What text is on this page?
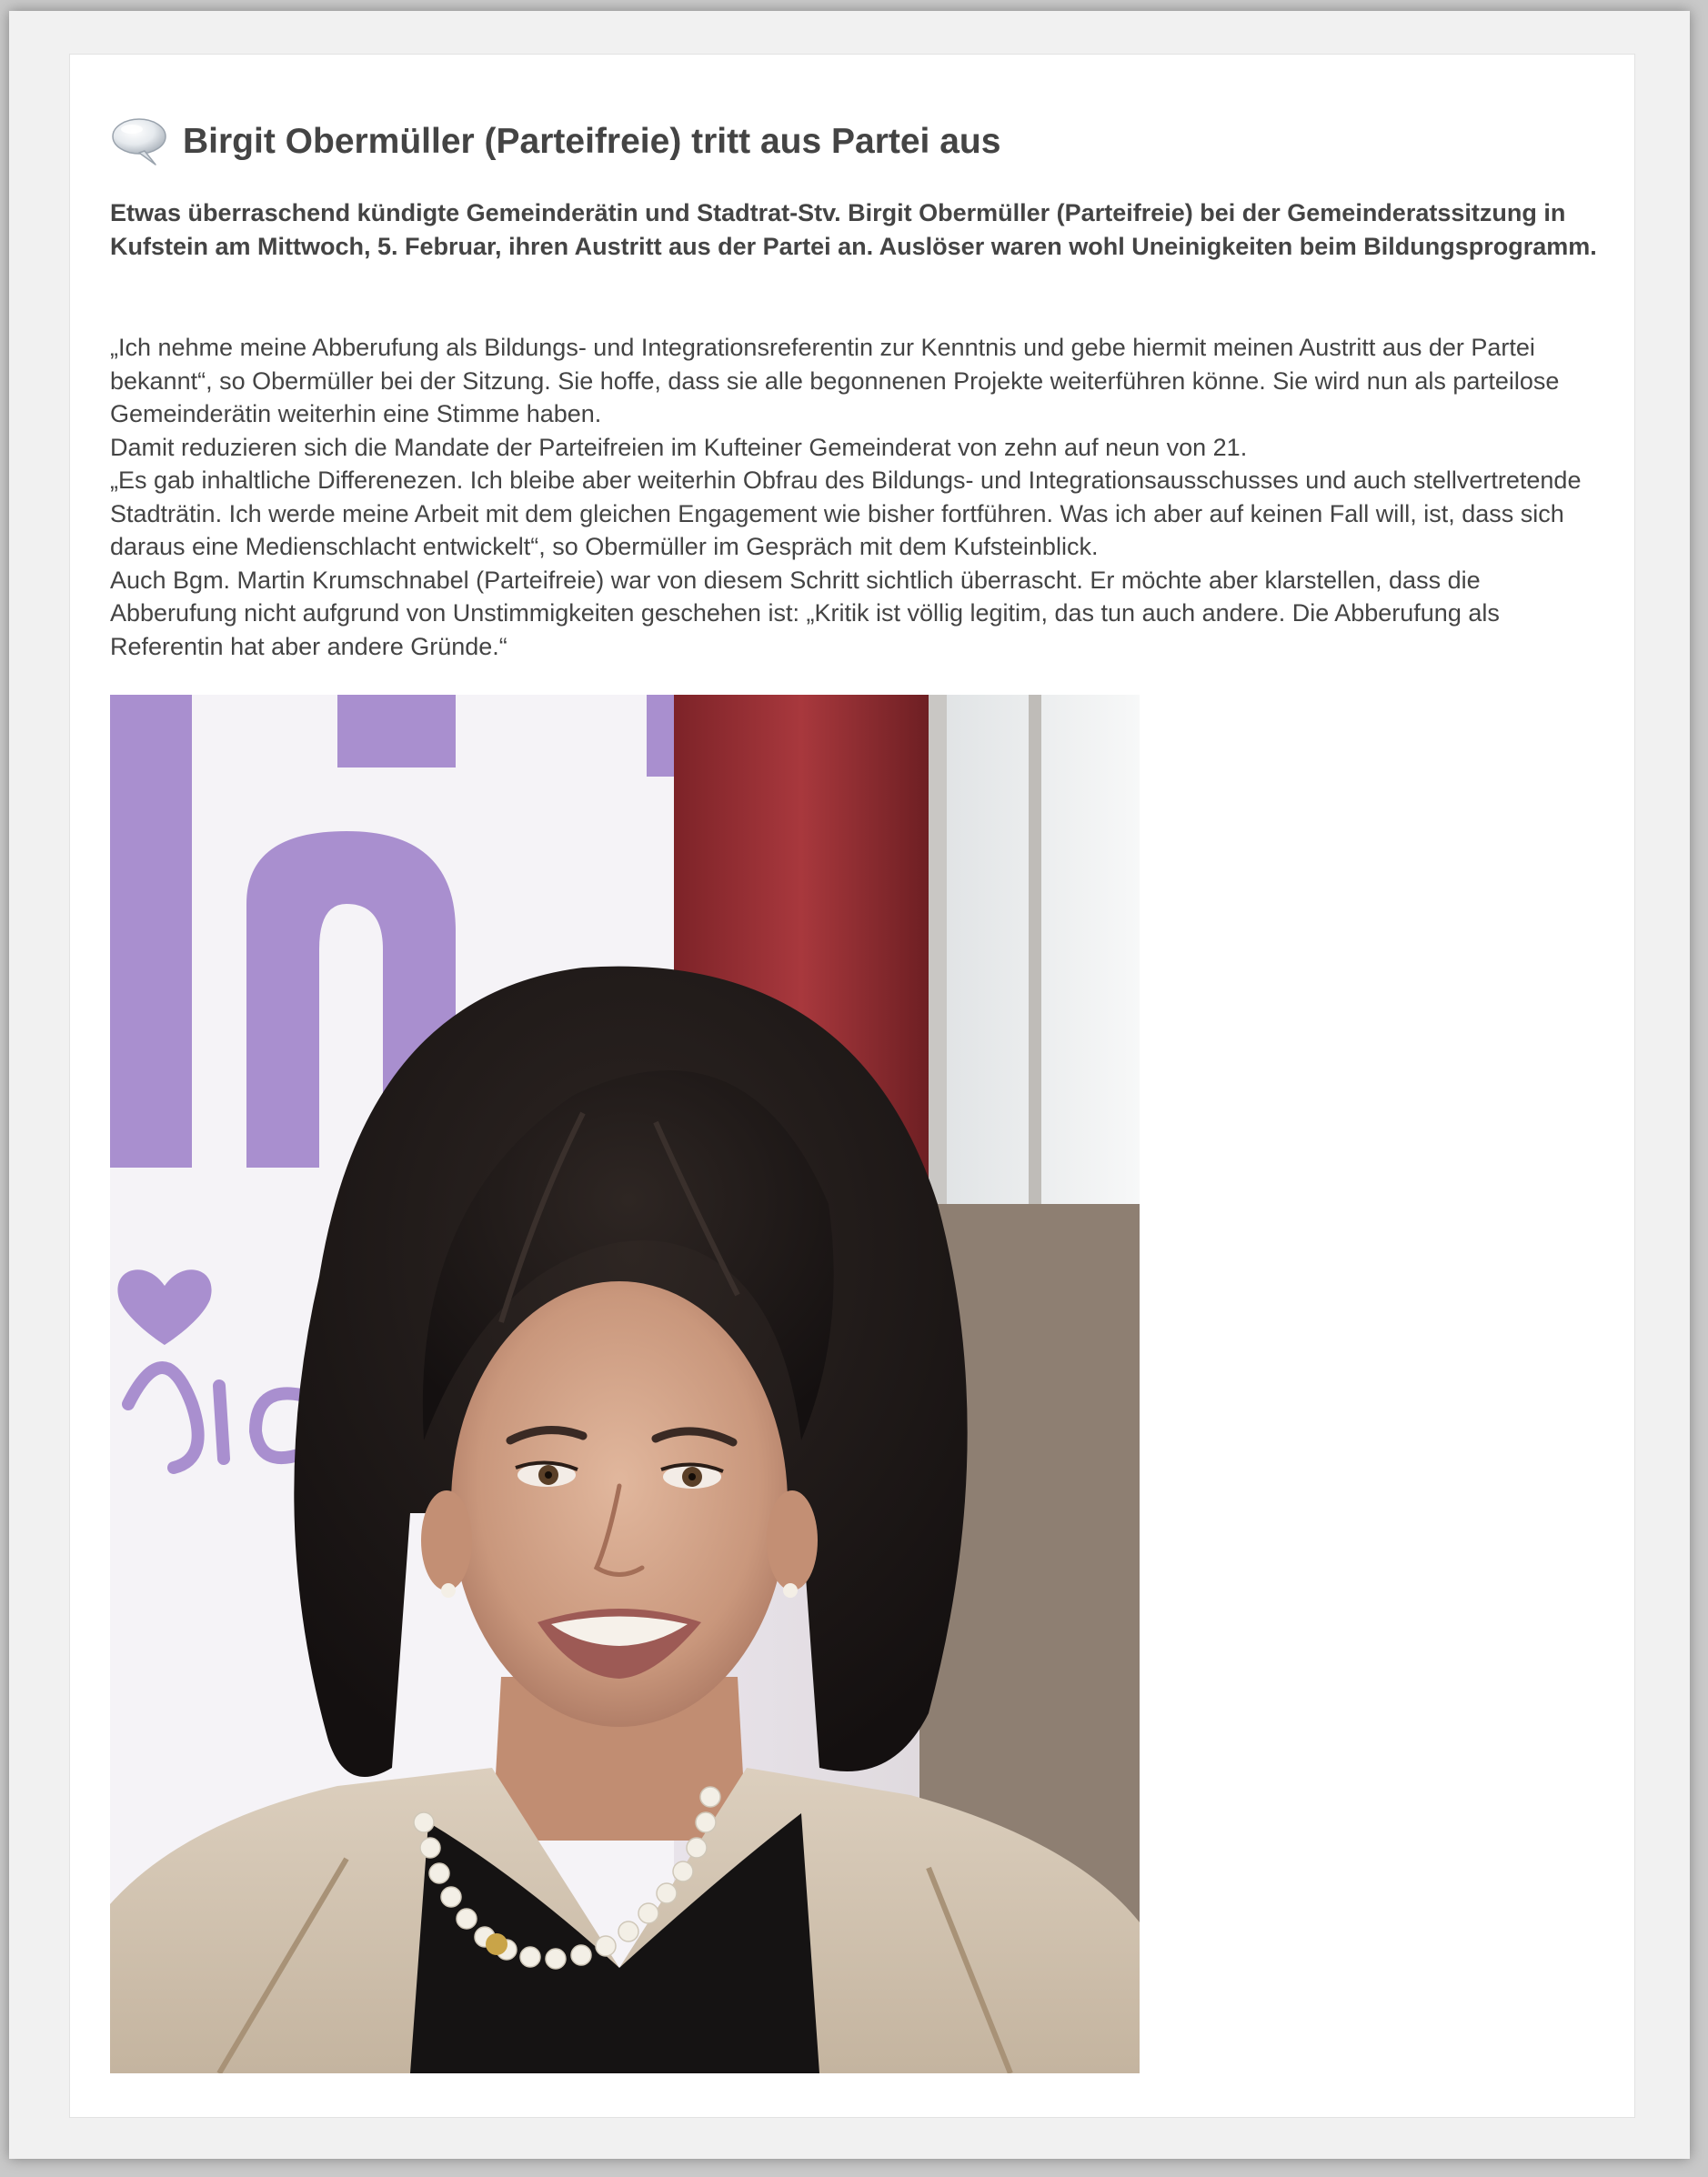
Birgit Obermüller (Parteifreie) tritt aus Partei aus

Etwas überraschend kündigte Gemeinderätin und Stadtrat-Stv. Birgit Obermüller (Parteifreie) bei der Gemeinderatssitzung in Kufstein am Mittwoch, 5. Februar, ihren Austritt aus der Partei an. Auslöser waren wohl Uneinigkeiten beim Bildungsprogramm.

„Ich nehme meine Abberufung als Bildungs- und Integrationsreferentin zur Kenntnis und gebe hiermit meinen Austritt aus der Partei bekannt“, so Obermüller bei der Sitzung. Sie hoffe, dass sie alle begonnenen Projekte weiterführen könne. Sie wird nun als parteilose Gemeinderätin weiterhin eine Stimme haben.

Damit reduzieren sich die Mandate der Parteifreien im Kufteiner Gemeinderat von zehn auf neun von 21.

„Es gab inhaltliche Differenezen. Ich bleibe aber weiterhin Obfrau des Bildungs- und Integrationsausschusses und auch stellvertretende Stadträtin. Ich werde meine Arbeit mit dem gleichen Engagement wie bisher fortführen. Was ich aber auf keinen Fall will, ist, dass sich daraus eine Medienschlacht entwickelt“, so Obermüller im Gespräch mit dem Kufsteinblick.

Auch Bgm. Martin Krumschnabel (Parteifreie) war von diesem Schritt sichtlich überrascht. Er möchte aber klarstellen, dass die Abberufung nicht aufgrund von Unstimmigkeiten geschehen ist: „Kritik ist völlig legitim, das tun auch andere. Die Abberufung als Referentin hat aber andere Gründe.“
